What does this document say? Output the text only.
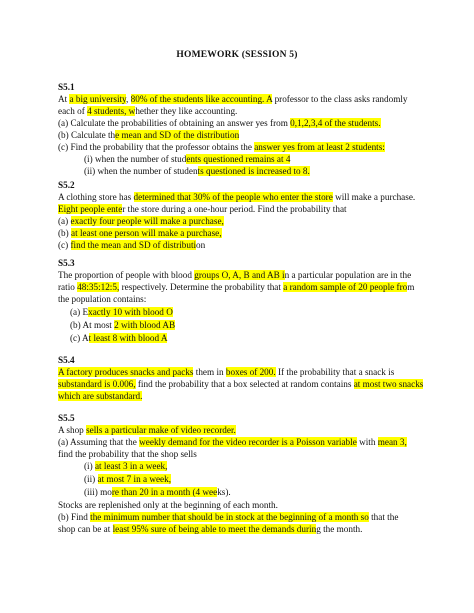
HOMEWORK (SESSION 5)
S5.1
At a big university, 80% of the students like accounting. A professor to the class asks randomly
each of 4 students, whether they like accounting.
(a) Calculate the probabilities of obtaining an answer yes from 0,1,2,3,4 of the students.
(b) Calculate the mean and SD of the distribution
(c) Find the probability that the professor obtains the answer yes from at least 2 students:
(i) when the number of students questioned remains at 4
(ii) when the number of students questioned is increased to 8.
S5.2
A clothing store has determined that 30% of the people who enter the store will make a purchase.
Eight people enter the store during a one-hour period. Find the probability that
(a) exactly four people will make a purchase,
(b) at least one person will make a purchase,
(c) find the mean and SD of distribution
S5.3
The proportion of people with blood groups O, A, B and AB in a particular population are in the
ratio 48:35:12:5, respectively. Determine the probability that a random sample of 20 people from
the population contains:
(a) Exactly 10 with blood O
(b) At most 2 with blood AB
(c) At least 8 with blood A
S5.4
A factory produces snacks and packs them in boxes of 200. If the probability that a snack is
substandard is 0.006, find the probability that a box selected at random contains at most two snacks
which are substandard.
S5.5
A shop sells a particular make of video recorder.
(a) Assuming that the weekly demand for the video recorder is a Poisson variable with mean 3,
find the probability that the shop sells
(i) at least 3 in a week,
(ii) at most 7 in a week,
(iii) more than 20 in a month (4 weeks).
Stocks are replenished only at the beginning of each month.
(b) Find the minimum number that should be in stock at the beginning of a month so that the
shop can be at least 95% sure of being able to meet the demands during the month.
